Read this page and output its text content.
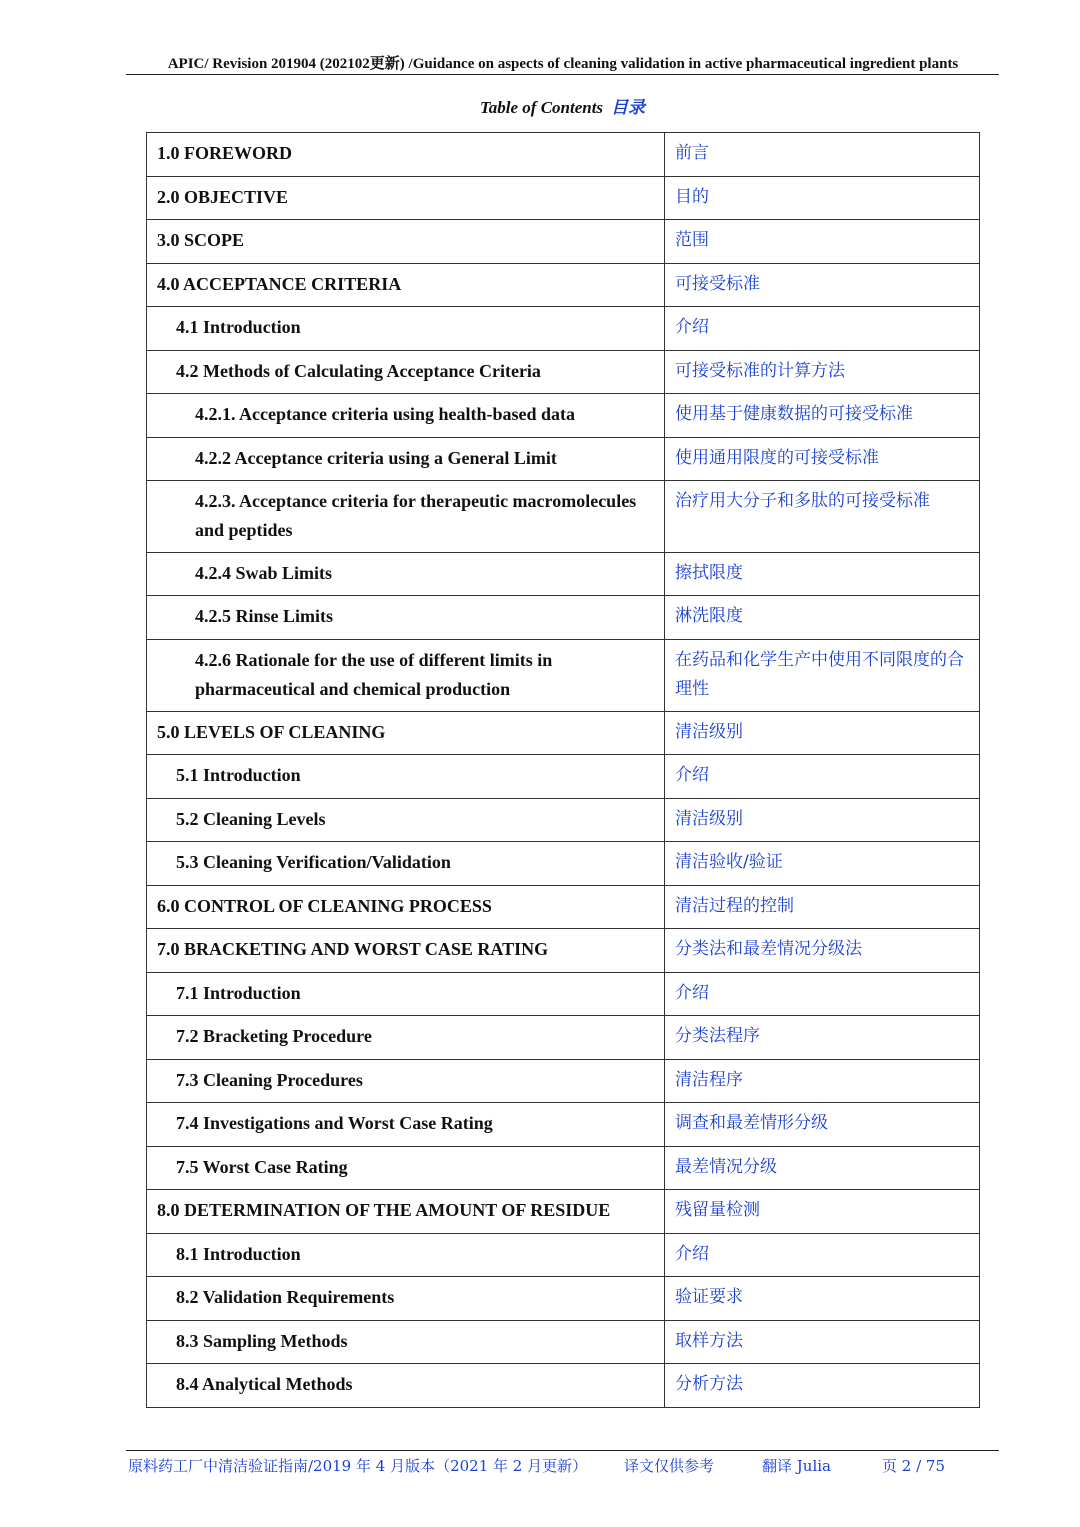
APIC/ Revision 201904 (202102更新) /Guidance on aspects of cleaning validation in active pharmaceutical ingredient plants
Table of Contents 目录
1.0 FOREWORD	前言
2.0 OBJECTIVE	目的
3.0 SCOPE	范围
4.0 ACCEPTANCE CRITERIA	可接受标准
4.1 Introduction	介绍
4.2 Methods of Calculating Acceptance Criteria	可接受标准的计算方法
4.2.1. Acceptance criteria using health-based data	使用基于健康数据的可接受标准
4.2.2 Acceptance criteria using a General Limit	使用通用限度的可接受标准
4.2.3. Acceptance criteria for therapeutic macromolecules and peptides	治疗用大分子和多肽的可接受标准
4.2.4 Swab Limits	擦拭限度
4.2.5 Rinse Limits	淋洗限度
4.2.6 Rationale for the use of different limits in pharmaceutical and chemical production	在药品和化学生产中使用不同限度的合理性
5.0 LEVELS OF CLEANING	清洁级别
5.1 Introduction	介绍
5.2 Cleaning Levels	清洁级别
5.3 Cleaning Verification/Validation	清洁验收/验证
6.0 CONTROL OF CLEANING PROCESS	清洁过程的控制
7.0 BRACKETING AND WORST CASE RATING	分类法和最差情况分级法
7.1 Introduction	介绍
7.2 Bracketing Procedure	分类法程序
7.3 Cleaning Procedures	清洁程序
7.4 Investigations and Worst Case Rating	调查和最差情形分级
7.5 Worst Case Rating	最差情况分级
8.0 DETERMINATION OF THE AMOUNT OF RESIDUE	残留量检测
8.1 Introduction	介绍
8.2 Validation Requirements	验证要求
8.3 Sampling Methods	取样方法
8.4 Analytical Methods	分析方法
原料药工厂中清洁验证指南/2019 年 4 月版本（2021 年 2 月更新） 译文仅供参考	翻译 Julia	页 2 / 75
